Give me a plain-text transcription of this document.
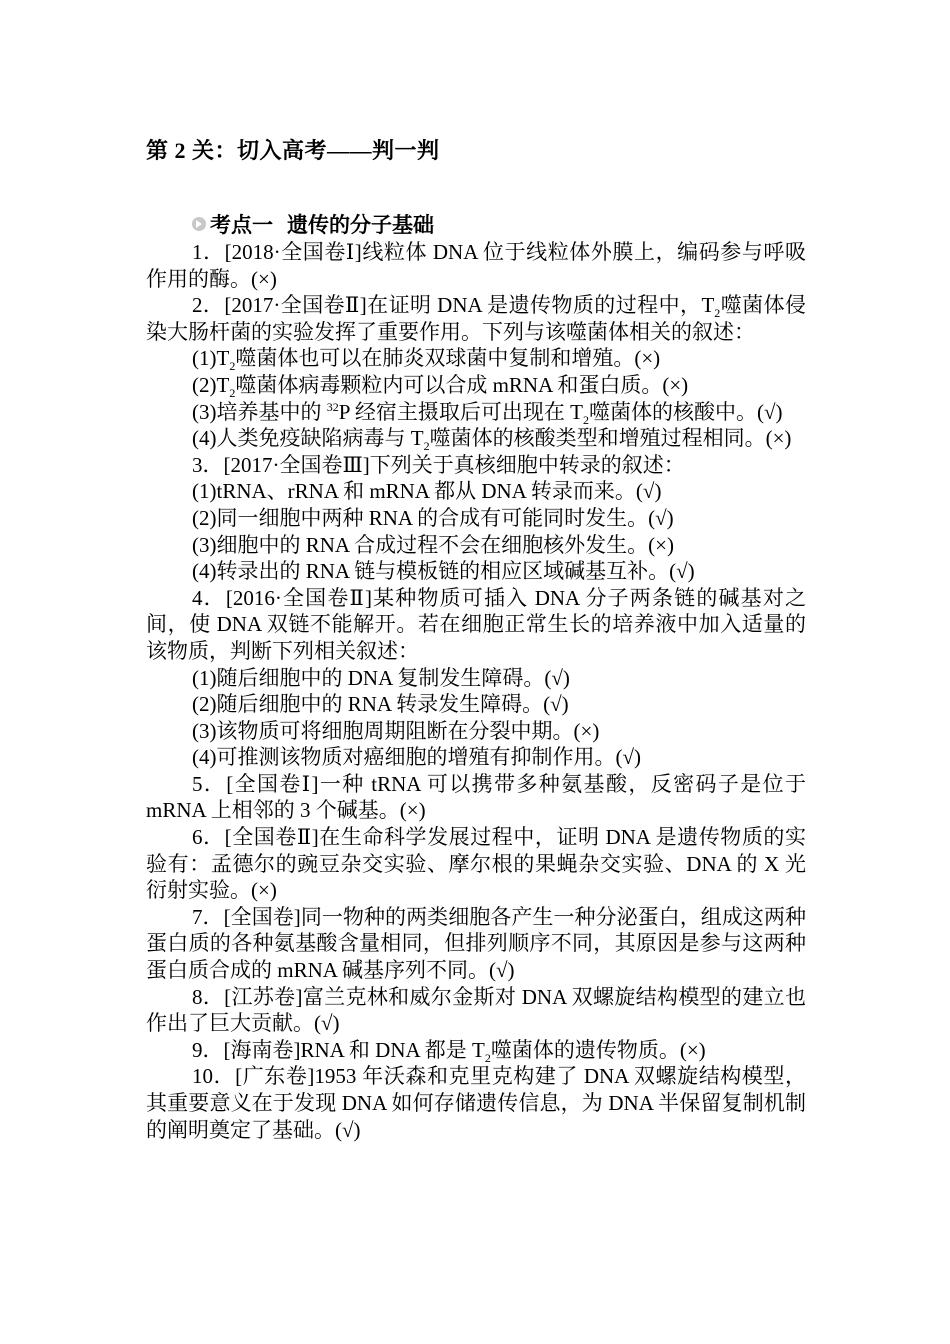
第 2 关：切入高考——判一判
考点一 遗传的分子基础

1．[2018·全国卷Ⅰ]线粒体 DNA 位于线粒体外膜上，编码参与呼吸作用的酶。(×)

2．[2017·全国卷Ⅱ]在证明 DNA 是遗传物质的过程中，$T_2$噬菌体侵染大肠杆菌的实验发挥了重要作用。下列与该噬菌体相关的叙述：

$(1)T_2$噬菌体也可以在肺炎双球菌中复制和增殖。(×)

$(2)T_2$噬菌体病毒颗粒内可以合成 mRNA 和蛋白质。(×)

(3)培养基中的 $^{32}$P 经宿主摄取后可出现在 $T_2$噬菌体的核酸中。(√)

(4)人类免疫缺陷病毒与 $T_2$噬菌体的核酸类型和增殖过程相同。(×)

3．[2017·全国卷Ⅲ]下列关于真核细胞中转录的叙述：

(1)tRNA、rRNA 和 mRNA 都从 DNA 转录而来。(√)

(2)同一细胞中两种 RNA 的合成有可能同时发生。(√)

(3)细胞中的 RNA 合成过程不会在细胞核外发生。(×)

(4)转录出的 RNA 链与模板链的相应区域碱基互补。(√)

4．[2016·全国卷Ⅱ]某种物质可插入 DNA 分子两条链的碱基对之间，使 DNA 双链不能解开。若在细胞正常生长的培养液中加入适量的该物质，判断下列相关叙述：

(1)随后细胞中的 DNA 复制发生障碍。(√)

(2)随后细胞中的 RNA 转录发生障碍。(√)

(3)该物质可将细胞周期阻断在分裂中期。(×)

(4)可推测该物质对癌细胞的增殖有抑制作用。(√)

5．[全国卷Ⅰ]一种 tRNA 可以携带多种氨基酸，反密码子是位于 mRNA 上相邻的 3 个碱基。(×)

6．[全国卷Ⅱ]在生命科学发展过程中，证明 DNA 是遗传物质的实验有：孟德尔的豌豆杂交实验、摩尔根的果蝇杂交实验、DNA 的 X 光衍射实验。(×)

7．[全国卷]同一物种的两类细胞各产生一种分泌蛋白，组成这两种蛋白质的各种氨基酸含量相同，但排列顺序不同，其原因是参与这两种蛋白质合成的 mRNA 碱基序列不同。(√)

8．[江苏卷]富兰克林和威尔金斯对 DNA 双螺旋结构模型的建立也作出了巨大贡献。(√)

9．[海南卷]RNA 和 DNA 都是 $T_2$噬菌体的遗传物质。(×)

10．[广东卷]1953 年沃森和克里克构建了 DNA 双螺旋结构模型，其重要意义在于发现 DNA 如何存储遗传信息，为 DNA 半保留复制机制的阐明奠定了基础。(√)
